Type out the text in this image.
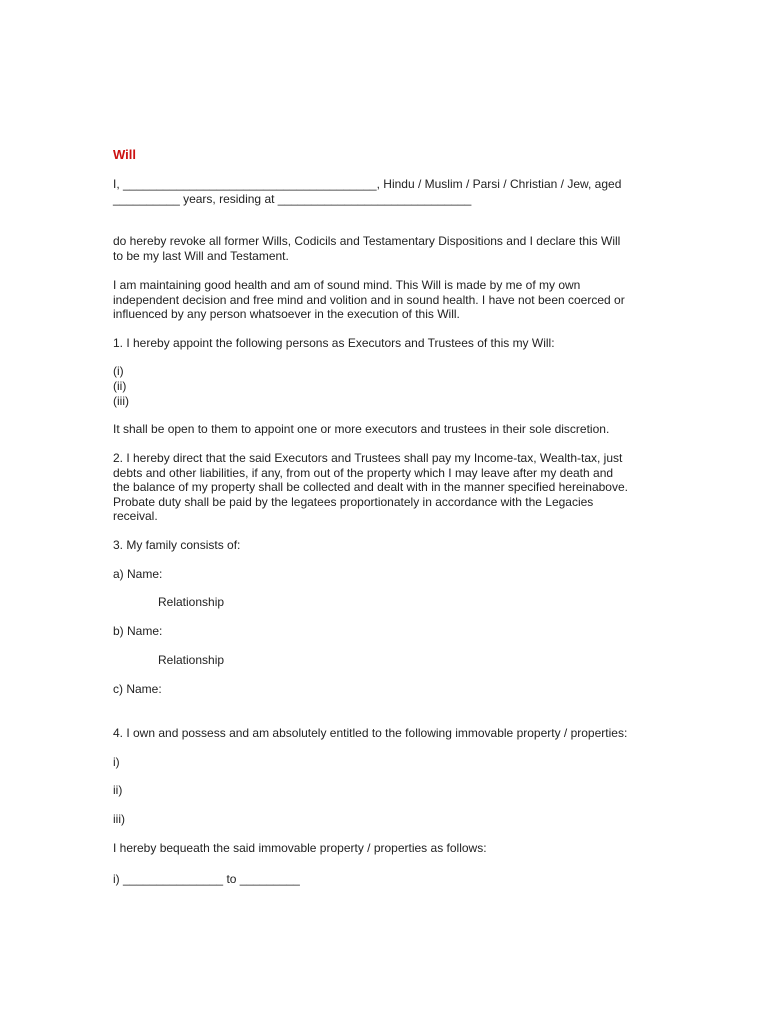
Will

I, ______________________________________, Hindu / Muslim / Parsi / Christian / Jew, aged
__________ years, residing at _____________________________

do hereby revoke all former Wills, Codicils and Testamentary Dispositions and I declare this Will
to be my last Will and Testament.

I am maintaining good health and am of sound mind. This Will is made by me of my own
independent decision and free mind and volition and in sound health. I have not been coerced or
influenced by any person whatsoever in the execution of this Will.

1. I hereby appoint the following persons as Executors and Trustees of this my Will:

(i)

(ii)

(iii)

It shall be open to them to appoint one or more executors and trustees in their sole discretion.

2. I hereby direct that the said Executors and Trustees shall pay my Income-tax, Wealth-tax, just
debts and other liabilities, if any, from out of the property which I may leave after my death and
the balance of my property shall be collected and dealt with in the manner specified hereinabove.
Probate duty shall be paid by the legatees proportionately in accordance with the Legacies
receival.

3. My family consists of:

a) Name:

Relationship

b) Name:

Relationship

c) Name:

4. I own and possess and am absolutely entitled to the following immovable property / properties:

i)

ii)

iii)

I hereby bequeath the said immovable property / properties as follows:

i) _______________ to _________
